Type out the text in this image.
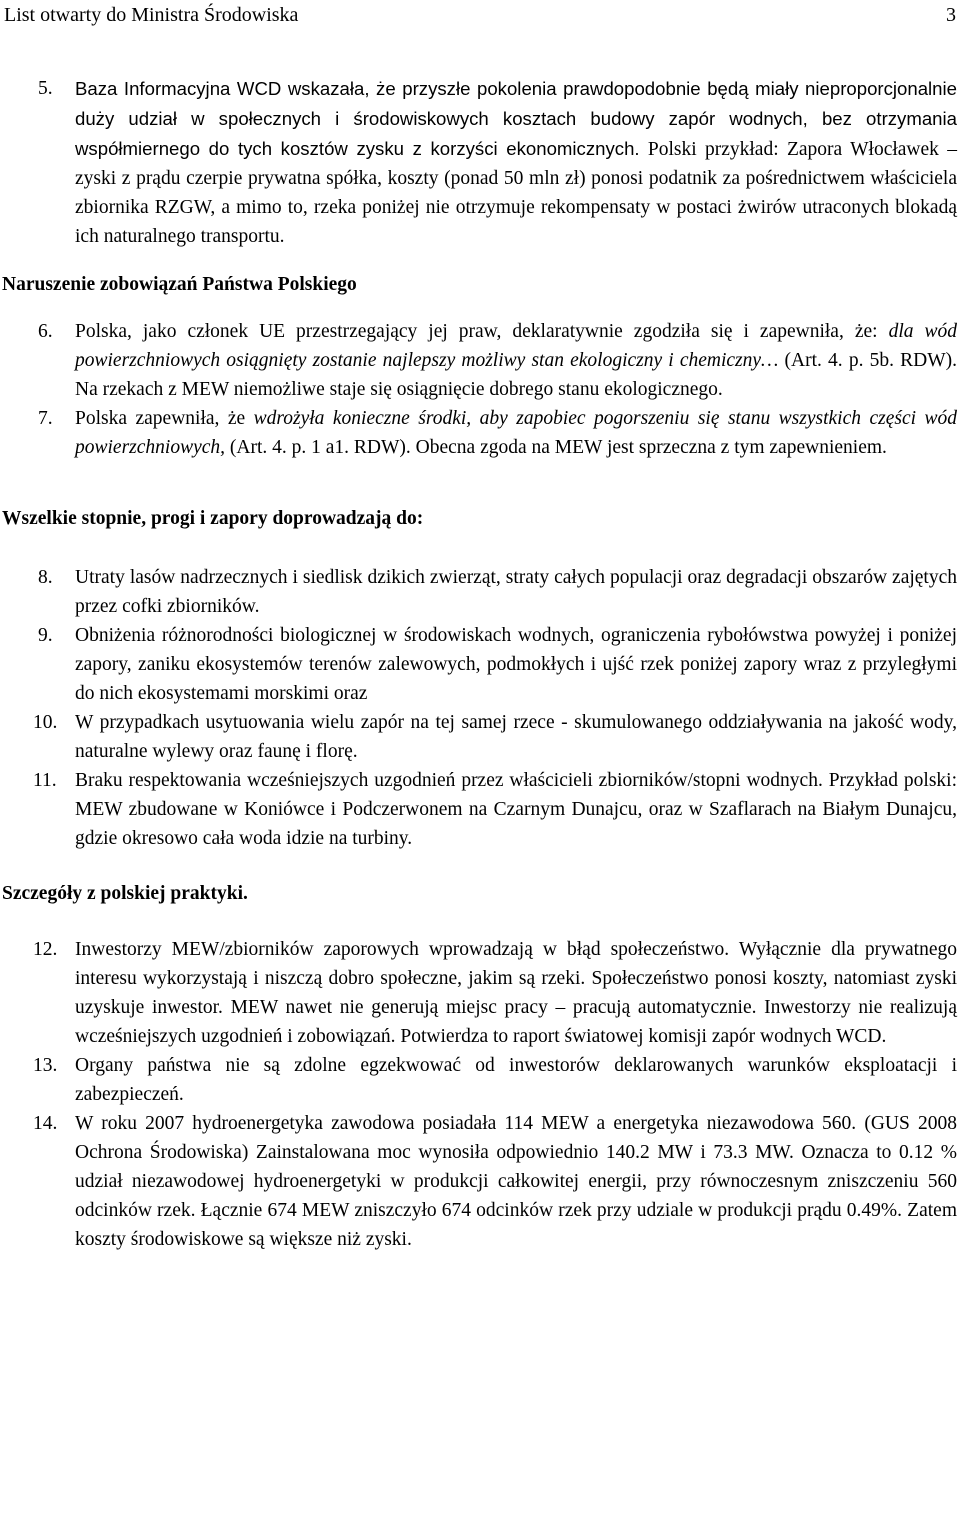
List otwarty do Ministra Środowiska	3
5.	Baza Informacyjna WCD wskazała, że przyszłe pokolenia prawdopodobnie będą miały nieproporcjonalnie duży udział w społecznych i środowiskowych kosztach budowy zapór wodnych, bez otrzymania współmiernego do tych kosztów zysku z korzyści ekonomicznych. Polski przykład: Zapora Włocławek – zyski z prądu czerpie prywatna spółka, koszty (ponad 50 mln zł) ponosi podatnik za pośrednictwem właściciela zbiornika RZGW, a mimo to, rzeka poniżej nie otrzymuje rekompensaty w postaci żwirów utraconych blokadą ich naturalnego transportu.
Naruszenie zobowiązań Państwa Polskiego
6.	Polska, jako członek UE przestrzegający jej praw, deklaratywnie zgodziła się i zapewniła, że: dla wód powierzchniowych osiągnięty zostanie najlepszy możliwy stan ekologiczny i chemiczny… (Art. 4. p. 5b. RDW). Na rzekach z MEW niemożliwe staje się osiągnięcie dobrego stanu ekologicznego.
7.	Polska zapewniła, że wdrożyła konieczne środki, aby zapobiec pogorszeniu się stanu wszystkich części wód powierzchniowych, (Art. 4. p. 1 a1. RDW). Obecna zgoda na MEW jest sprzeczna z tym zapewnieniem.
Wszelkie stopnie, progi i zapory doprowadzają do:
8.	Utraty lasów nadrzecznych i siedlisk dzikich zwierząt, straty całych populacji oraz degradacji obszarów zajętych przez cofki zbiorników.
9.	Obniżenia różnorodności biologicznej w środowiskach wodnych, ograniczenia rybołówstwa powyżej i poniżej zapory, zaniku ekosystemów terenów zalewowych, podmokłych i ujść rzek poniżej zapory wraz z przyległymi do nich ekosystemami morskimi oraz
10. W przypadkach usytuowania wielu zapór na tej samej rzece - skumulowanego oddziaływania na jakość wody, naturalne wylewy oraz faunę i florę.
11. Braku respektowania wcześniejszych uzgodnień przez właścicieli zbiorników/stopni wodnych. Przykład polski: MEW zbudowane w Koniówce i Podczerwonem na Czarnym Dunajcu, oraz w Szaflarach na Białym Dunajcu, gdzie okresowo cała woda idzie na turbiny.
Szczegóły z polskiej praktyki.
12. Inwestorzy MEW/zbiorników zaporowych wprowadzają w błąd społeczeństwo. Wyłącznie dla prywatnego interesu wykorzystają i niszczą dobro społeczne, jakim są rzeki. Społeczeństwo ponosi koszty, natomiast zyski uzyskuje inwestor. MEW nawet nie generują miejsc pracy – pracują automatycznie. Inwestorzy nie realizują wcześniejszych uzgodnień i zobowiązań. Potwierdza to raport światowej komisji zapór wodnych WCD.
13. Organy państwa nie są zdolne egzekwować od inwestorów deklarowanych warunków eksploatacji i zabezpieczeń.
14. W roku 2007 hydroenergetyka zawodowa posiadała 114 MEW a energetyka niezawodowa 560. (GUS 2008 Ochrona Środowiska) Zainstalowana moc wynosiła odpowiednio 140.2 MW i 73.3 MW. Oznacza to 0.12 % udział niezawodowej hydroenergetyki w produkcji całkowitej energii, przy równoczesnym zniszczeniu 560 odcinków rzek. Łącznie 674 MEW zniszczyło 674 odcinków rzek przy udziale w produkcji prądu 0.49%. Zatem koszty środowiskowe są większe niż zyski.
